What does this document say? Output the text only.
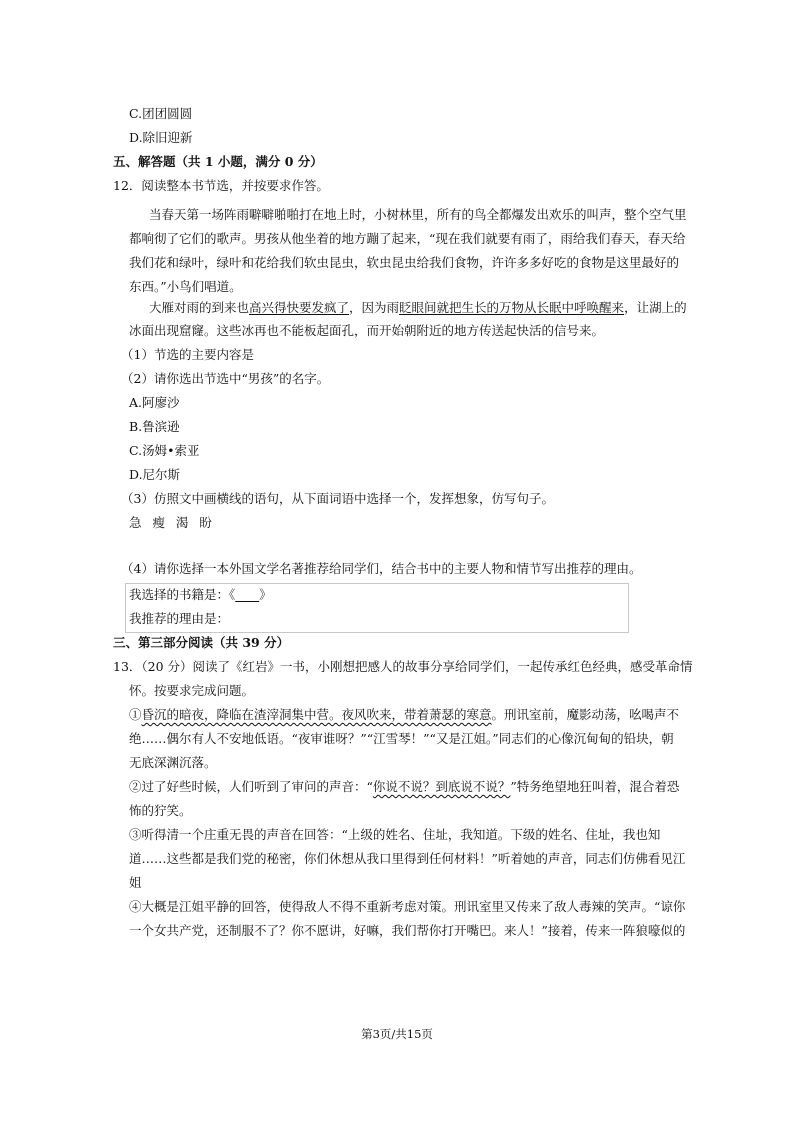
C.团团圆圆
D.除旧迎新
五、解答题（共 1 小题，满分 0 分）
12．阅读整本书节选，并按要求作答。
当春天第一场阵雨噼噼啪啪打在地上时，小树林里，所有的鸟全都爆发出欢乐的叫声，整个空气里
都响彻了它们的歌声。男孩从他坐着的地方蹦了起来，“现在我们就要有雨了，雨给我们春天，春天给
我们花和绿叶，绿叶和花给我们软虫昆虫，软虫昆虫给我们食物，许许多多好吃的食物是这里最好的
东西。”小鸟们唱道。
大雁对雨的到来也高兴得快要发疯了，因为雨眨眼间就把生长的万物从长眠中呼唤醒来，让湖上的
冰面出现窟窿。这些冰再也不能板起面孔，而开始朝附近的地方传送起快活的信号来。
（1）节选的主要内容是
（2）请你选出节选中“男孩”的名字。
A.阿廖沙
B.鲁滨逊
C.汤姆•索亚
D.尼尔斯
（3）仿照文中画横线的语句，从下面词语中选择一个，发挥想象，仿写句子。
急  瘦  渴  盼
（4）请你选择一本外国文学名著推荐给同学们，结合书中的主要人物和情节写出推荐的理由。
我选择的书籍是：《 》
我推荐的理由是：
三、第三部分阅读（共 39 分）
13．（20 分）阅读了《红岩》一书，小刚想把感人的故事分享给同学们，一起传承红色经典，感受革命情
怀。按要求完成问题。
①昏沉的暗夜，降临在渣滓洞集中营。夜风吹来，带着萧瑟的寒意。刑讯室前，魔影动荡，吆喝声不
绝……偶尔有人不安地低语。“夜审谁呀？”“江雪琴！”“又是江姐。”同志们的心像沉甸甸的铅块，朝
无底深渊沉落。
②过了好些时候，人们听到了审问的声音：“你说不说？到底说不说？”特务绝望地狂叫着，混合着恐
怖的狞笑。
③听得清一个庄重无畏的声音在回答：“上级的姓名、住址，我知道。下级的姓名、住址，我也知
道……这些都是我们党的秘密，你们休想从我口里得到任何材料！”听着她的声音，同志们仿佛看见江
姐
④大概是江姐平静的回答，使得敌人不得不重新考虑对策。刑讯室里又传来了敌人毒辣的笑声。“谅你
一个女共产党，还制服不了？你不愿讲，好嘛，我们帮你打开嘴巴。来人！”接着，传来一阵狼嚎似的
第3页/共15页
